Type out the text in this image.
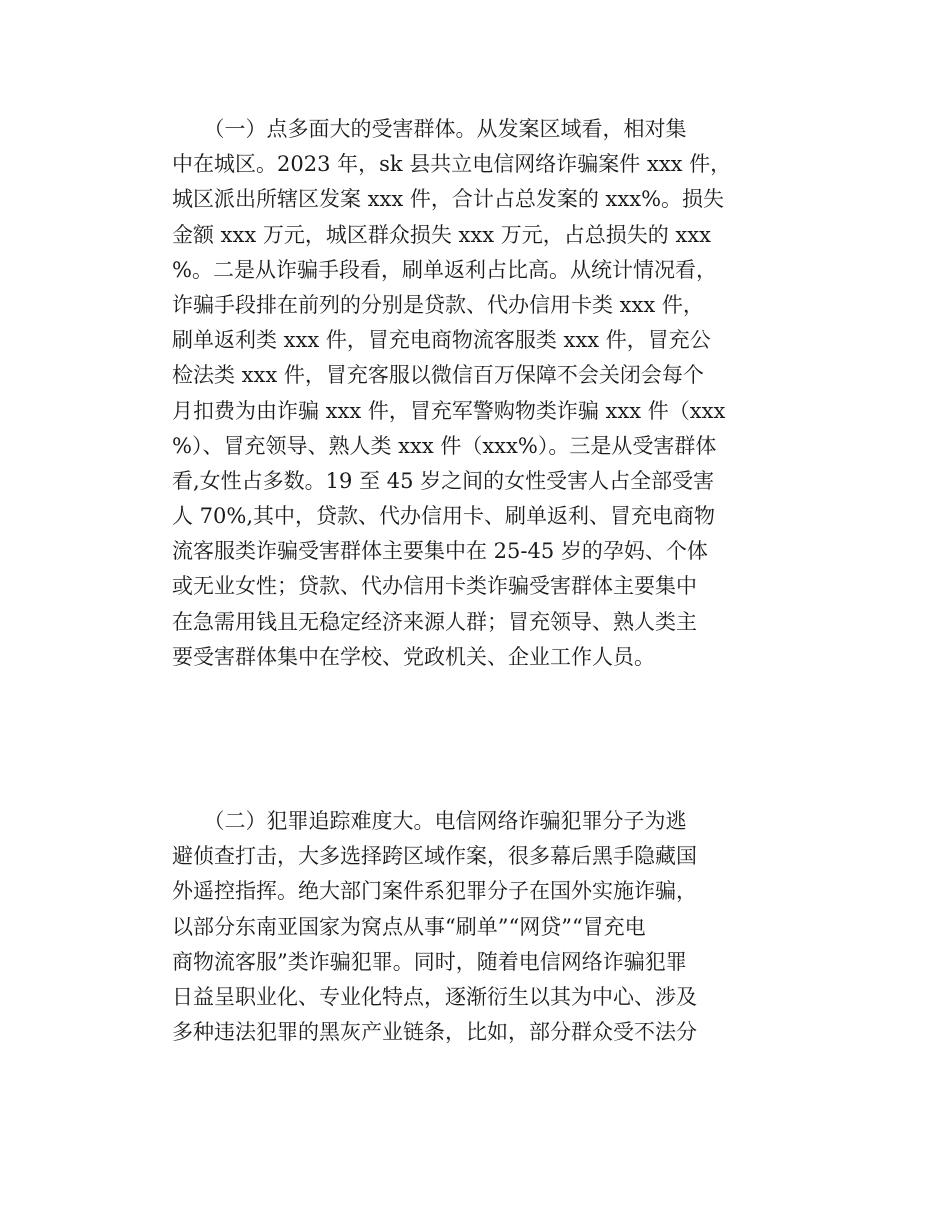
　　（一）点多面大的受害群体。从发案区域看，相对集
中在城区。2023 年，sk 县共立电信网络诈骗案件 xxx 件，
城区派出所辖区发案 xxx 件，合计占总发案的 xxx%。损失
金额 xxx 万元，城区群众损失 xxx 万元，占总损失的 xxx
%。二是从诈骗手段看，刷单返利占比高。从统计情况看，
诈骗手段排在前列的分别是贷款、代办信用卡类 xxx 件，
刷单返利类 xxx 件，冒充电商物流客服类 xxx 件，冒充公
检法类 xxx 件，冒充客服以微信百万保障不会关闭会每个
月扣费为由诈骗 xxx 件，冒充军警购物类诈骗 xxx 件（xxx
%）、冒充领导、熟人类 xxx 件（xxx%）。三是从受害群体
看,女性占多数。19 至 45 岁之间的女性受害人占全部受害
人 70%,其中，贷款、代办信用卡、刷单返利、冒充电商物
流客服类诈骗受害群体主要集中在 25-45 岁的孕妈、个体
或无业女性；贷款、代办信用卡类诈骗受害群体主要集中
在急需用钱且无稳定经济来源人群；冒充领导、熟人类主
要受害群体集中在学校、党政机关、企业工作人员。
　　（二）犯罪追踪难度大。电信网络诈骗犯罪分子为逃
避侦查打击，大多选择跨区域作案，很多幕后黑手隐藏国
外遥控指挥。绝大部门案件系犯罪分子在国外实施诈骗，
以部分东南亚国家为窝点从事“刷单”“网贷”“冒充电
商物流客服”类诈骗犯罪。同时，随着电信网络诈骗犯罪
日益呈职业化、专业化特点，逐渐衍生以其为中心、涉及
多种违法犯罪的黑灰产业链条，比如，部分群众受不法分
